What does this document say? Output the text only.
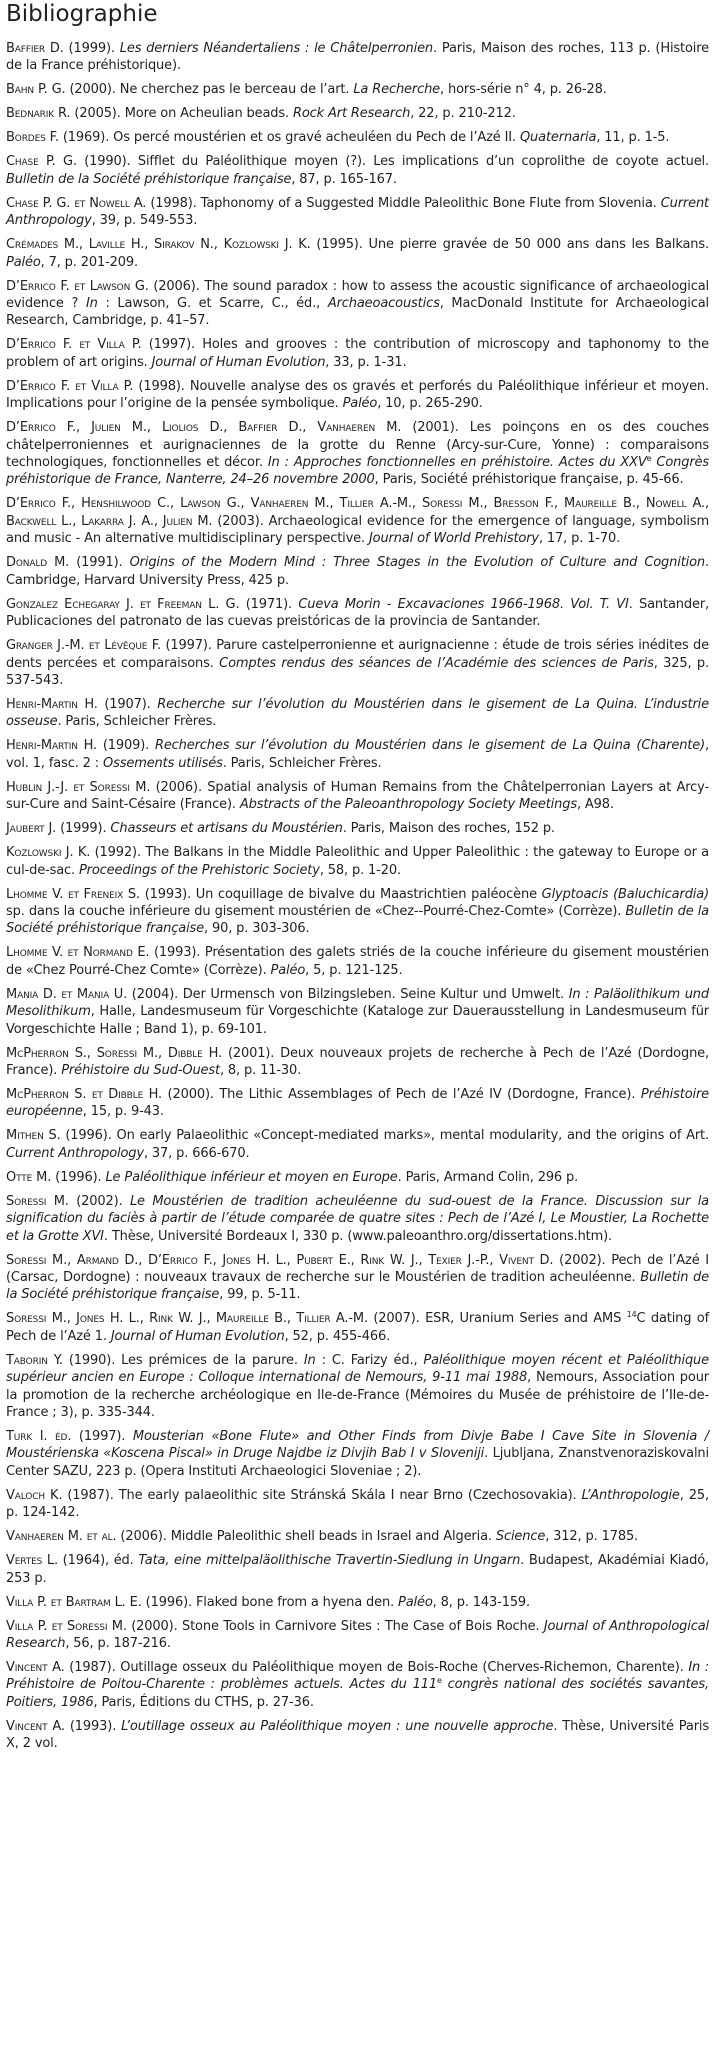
Bibliographie

Baffier D. (1999). Les derniers Néandertaliens : le Châtelperronien. Paris, Maison des roches, 113 p. (Histoire de la France préhistorique).

Bahn P. G. (2000). Ne cherchez pas le berceau de l’art. La Recherche, hors-série n° 4, p. 26-28.

Bednarik R. (2005). More on Acheulian beads. Rock Art Research, 22, p. 210-212.

Bordes F. (1969). Os percé moustérien et os gravé acheuléen du Pech de l’Azé II. Quaternaria, 11, p. 1-5.

Chase P. G. (1990). Sifflet du Paléolithique moyen (?). Les implications d’un coprolithe de coyote actuel. Bulletin de la Société préhistorique française, 87, p. 165-167.

Chase P. G. et Nowell A. (1998). Taphonomy of a Suggested Middle Paleolithic Bone Flute from Slovenia. Current Anthropology, 39, p. 549-553.

Crémades M., Laville H., Sirakov N., Kozlowski J. K. (1995). Une pierre gravée de 50 000 ans dans les Balkans. Paléo, 7, p. 201-209.

D’Errico F. et Lawson G. (2006). The sound paradox : how to assess the acoustic significance of archaeological evidence ? In : Lawson, G. et Scarre, C., éd., Archaeoacoustics, MacDonald Institute for Archaeological Research, Cambridge, p. 41–57.

D’Errico F. et Villa P. (1997). Holes and grooves : the contribution of microscopy and taphonomy to the problem of art origins. Journal of Human Evolution, 33, p. 1-31.

D’Errico F. et Villa P. (1998). Nouvelle analyse des os gravés et perforés du Paléolithique inférieur et moyen. Implications pour l’origine de la pensée symbolique. Paléo, 10, p. 265-290.

D’Errico F., Julien M., Liolios D., Baffier D., Vanhaeren M. (2001). Les poinçons en os des couches châtelperroniennes et aurignaciennes de la grotte du Renne (Arcy-sur-Cure, Yonne) : comparaisons technologiques, fonctionnelles et décor. In : Approches fonctionnelles en préhistoire. Actes du XXVe Congrès préhistorique de France, Nanterre, 24–26 novembre 2000, Paris, Société préhistorique française, p. 45-66.

D’Errico F., Henshilwood C., Lawson G., Vanhaeren M., Tillier A.-M., Soressi M., Bresson F., Maureille B., Nowell A., Backwell L., Lakarra J. A., Julien M. (2003). Archaeological evidence for the emergence of language, symbolism and music - An alternative multidisciplinary perspective. Journal of World Prehistory, 17, p. 1-70.

Donald M. (1991). Origins of the Modern Mind : Three Stages in the Evolution of Culture and Cognition. Cambridge, Harvard University Press, 425 p.

Gonzalez Echegaray J. et Freeman L. G. (1971). Cueva Morin - Excavaciones 1966-1968. Vol. T. VI. Santander, Publicaciones del patronato de las cuevas preistóricas de la provincia de Santander.

Granger J.-M. et Lévêque F. (1997). Parure castelperronienne et aurignacienne : étude de trois séries inédites de dents percées et comparaisons. Comptes rendus des séances de l’Académie des sciences de Paris, 325, p. 537-543.

Henri-Martin H. (1907). Recherche sur l’évolution du Moustérien dans le gisement de La Quina. L’industrie osseuse. Paris, Schleicher Frères.

Henri-Martin H. (1909). Recherches sur l’évolution du Moustérien dans le gisement de La Quina (Charente), vol. 1, fasc. 2 : Ossements utilisés. Paris, Schleicher Frères.

Hublin J.-J. et Soressi M. (2006). Spatial analysis of Human Remains from the Châtelperronian Layers at Arcy-sur-Cure and Saint-Césaire (France). Abstracts of the Paleoanthropology Society Meetings, A98.

Jaubert J. (1999). Chasseurs et artisans du Moustérien. Paris, Maison des roches, 152 p.

Kozlowski J. K. (1992). The Balkans in the Middle Paleolithic and Upper Paleolithic : the gateway to Europe or a cul-de-sac. Proceedings of the Prehistoric Society, 58, p. 1-20.

Lhomme V. et Freneix S. (1993). Un coquillage de bivalve du Maastrichtien paléocène Glyptoacis (Baluchicardia) sp. dans la couche inférieure du gisement moustérien de «Chez--Pourré-Chez-Comte» (Corrèze). Bulletin de la Société préhistorique française, 90, p. 303-306.

Lhomme V. et Normand E. (1993). Présentation des galets striés de la couche inférieure du gisement moustérien de «Chez Pourré-Chez Comte» (Corrèze). Paléo, 5, p. 121-125.

Mania D. et Mania U. (2004). Der Urmensch von Bilzingsleben. Seine Kultur und Umwelt. In : Paläolithikum und Mesolithikum, Halle, Landesmuseum für Vorgeschichte (Kataloge zur Dauerausstellung in Landesmuseum für Vorgeschichte Halle ; Band 1), p. 69-101.

McPherron S., Soressi M., Dibble H. (2001). Deux nouveaux projets de recherche à Pech de l’Azé (Dordogne, France). Préhistoire du Sud-Ouest, 8, p. 11-30.

McPherron S. et Dibble H. (2000). The Lithic Assemblages of Pech de l’Azé IV (Dordogne, France). Préhistoire européenne, 15, p. 9-43.

Mithen S. (1996). On early Palaeolithic «Concept-mediated marks», mental modularity, and the origins of Art. Current Anthropology, 37, p. 666-670.

Otte M. (1996). Le Paléolithique inférieur et moyen en Europe. Paris, Armand Colin, 296 p.

Soressi M. (2002). Le Moustérien de tradition acheuléenne du sud-ouest de la France. Discussion sur la signification du faciès à partir de l’étude comparée de quatre sites : Pech de l’Azé I, Le Moustier, La Rochette et la Grotte XVI. Thèse, Université Bordeaux I, 330 p. (www.paleoanthro.org/dissertations.htm).

Soressi M., Armand D., D’Errico F., Jones H. L., Pubert E., Rink W. J., Texier J.-P., Vivent D. (2002). Pech de l’Azé I (Carsac, Dordogne) : nouveaux travaux de recherche sur le Moustérien de tradition acheuléenne. Bulletin de la Société préhistorique française, 99, p. 5-11.

Soressi M., Jones H. L., Rink W. J., Maureille B., Tillier A.-M. (2007). ESR, Uranium Series and AMS $^{14}$C dating of Pech de l’Azé 1. Journal of Human Evolution, 52, p. 455-466.

Taborin Y. (1990). Les prémices de la parure. In : C. Farizy éd., Paléolithique moyen récent et Paléolithique supérieur ancien en Europe : Colloque international de Nemours, 9-11 mai 1988, Nemours, Association pour la promotion de la recherche archéologique en Ile-de-France (Mémoires du Musée de préhistoire de l’Ile-de-France ; 3), p. 335-344.

Turk I. éd. (1997). Mousterian «Bone Flute» and Other Finds from Divje Babe I Cave Site in Slovenia / Moustérienska «Koscena Piscal» in Druge Najdbe iz Divjih Bab I v Sloveniji. Ljubljana, Znanstvenoraziskovalni Center SAZU, 223 p. (Opera Instituti Archaeologici Sloveniae ; 2).

Valoch K. (1987). The early palaeolithic site Stránská Skála I near Brno (Czechosovakia). L’Anthropologie, 25, p. 124-142.

Vanhaeren M. et al. (2006). Middle Paleolithic shell beads in Israel and Algeria. Science, 312, p. 1785.

Vertes L. (1964), éd. Tata, eine mittelpaläolithische Travertin-Siedlung in Ungarn. Budapest, Akadémiai Kiadó, 253 p.

Villa P. et Bartram L. E. (1996). Flaked bone from a hyena den. Paléo, 8, p. 143-159.

Villa P. et Soressi M. (2000). Stone Tools in Carnivore Sites : The Case of Bois Roche. Journal of Anthropological Research, 56, p. 187-216.

Vincent A. (1987). Outillage osseux du Paléolithique moyen de Bois-Roche (Cherves-Richemon, Charente). In : Préhistoire de Poitou-Charente : problèmes actuels. Actes du 111e congrès national des sociétés savantes, Poitiers, 1986, Paris, Éditions du CTHS, p. 27-36.

Vincent A. (1993). L’outillage osseux au Paléolithique moyen : une nouvelle approche. Thèse, Université Paris X, 2 vol.
